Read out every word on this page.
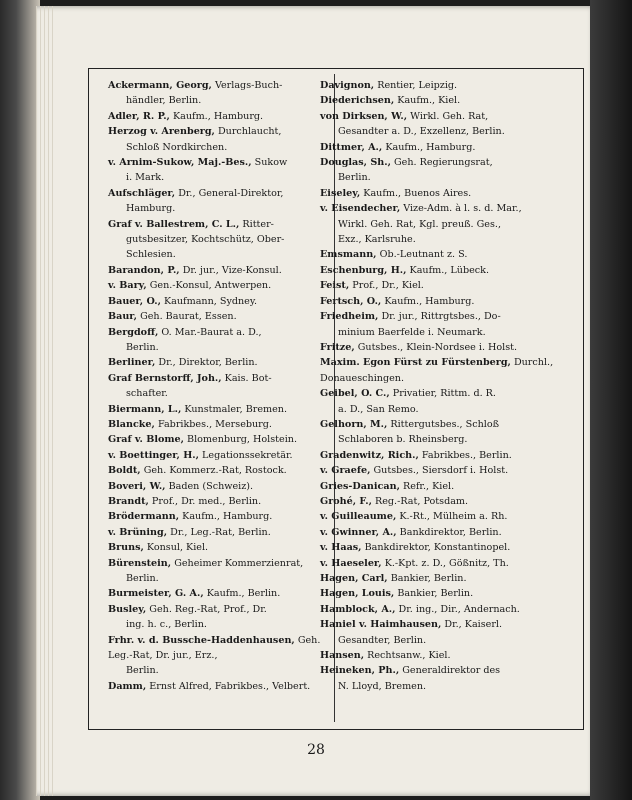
Ackermann, Georg, Verlags-Buch-
händler, Berlin.
Adler, R. P., Kaufm., Hamburg.
Herzog v. Arenberg, Durchlaucht,
Schloß Nordkirchen.
v. Arnim-Sukow, Maj.-Bes., Sukow
i. Mark.
Aufschläger, Dr., General-Direktor,
Hamburg.
Graf v. Ballestrem, C. L., Ritter-
gutsbesitzer, Kochtschütz, Ober-
Schlesien.
Barandon, P., Dr. jur., Vize-Konsul.
v. Bary, Gen.-Konsul, Antwerpen.
Bauer, O., Kaufmann, Sydney.
Baur, Geh. Baurat, Essen.
Bergdoff, O. Mar.-Baurat a. D.,
Berlin.
Berliner, Dr., Direktor, Berlin.
Graf Bernstorff, Joh., Kais. Bot-
schafter.
Biermann, L., Kunstmaler, Bremen.
Blancke, Fabrikbes., Merseburg.
Graf v. Blome, Blomenburg, Holstein.
v. Boettinger, H., Legationssekretär.
Boldt, Geh. Kommerz.-Rat, Rostock.
Boveri, W., Baden (Schweiz).
Brandt, Prof., Dr. med., Berlin.
Brödermann, Kaufm., Hamburg.
v. Brüning, Dr., Leg.-Rat, Berlin.
Bruns, Konsul, Kiel.
Bürenstein, Geheimer Kommerzienrat,
Berlin.
Burmeister, G. A., Kaufm., Berlin.
Busley, Geh. Reg.-Rat, Prof., Dr.
ing. h. c., Berlin.
Frhr. v. d. Bussche-Haddenhausen, Geh. Leg.-Rat, Dr. jur., Erz.,
Berlin.
Damm, Ernst Alfred, Fabrikbes., Velbert.
Davignon, Rentier, Leipzig.
Diederichsen, Kaufm., Kiel.
von Dirksen, W., Wirkl. Geh. Rat,
Gesandter a. D., Exzellenz, Berlin.
Dittmer, A., Kaufm., Hamburg.
Douglas, Sh., Geh. Regierungsrat,
Berlin.
Eiseley, Kaufm., Buenos Aires.
v. Eisendecher, Vize-Adm. à l. s. d. Mar.,
Wirkl. Geh. Rat, Kgl. preuß. Ges.,
Exz., Karlsruhe.
Emsmann, Ob.-Leutnant z. S.
Eschenburg, H., Kaufm., Lübeck.
Feist, Prof., Dr., Kiel.
Fertsch, O., Kaufm., Hamburg.
Friedheim, Dr. jur., Rittrgtsbes., Do-
minium Baerfelde i. Neumark.
Fritze, Gutsbes., Klein-Nordsee i. Holst.
Maxim. Egon Fürst zu Fürstenberg, Durchl., Donaueschingen.
Geibel, O. C., Privatier, Rittm. d. R.
a. D., San Remo.
Gelhorn, M., Rittergutsbes., Schloß
Schlaboren b. Rheinsberg.
Gradenwitz, Rich., Fabrikbes., Berlin.
v. Graefe, Gutsbes., Siersdorf i. Holst.
Gries-Danican, Refr., Kiel.
Grohé, F., Reg.-Rat, Potsdam.
v. Guilleaume, K.-Rt., Mülheim a. Rh.
v. Gwinner, A., Bankdirektor, Berlin.
v. Haas, Bankdirektor, Konstantinopel.
v. Haeseler, K.-Kpt. z. D., Gößnitz, Th.
Hagen, Carl, Bankier, Berlin.
Hagen, Louis, Bankier, Berlin.
Hamblock, A., Dr. ing., Dir., Andernach.
Haniel v. Haimhausen, Dr., Kaiserl.
Gesandter, Berlin.
Hansen, Rechtsanw., Kiel.
Heineken, Ph., Generaldirektor des
N. Lloyd, Bremen.
28
